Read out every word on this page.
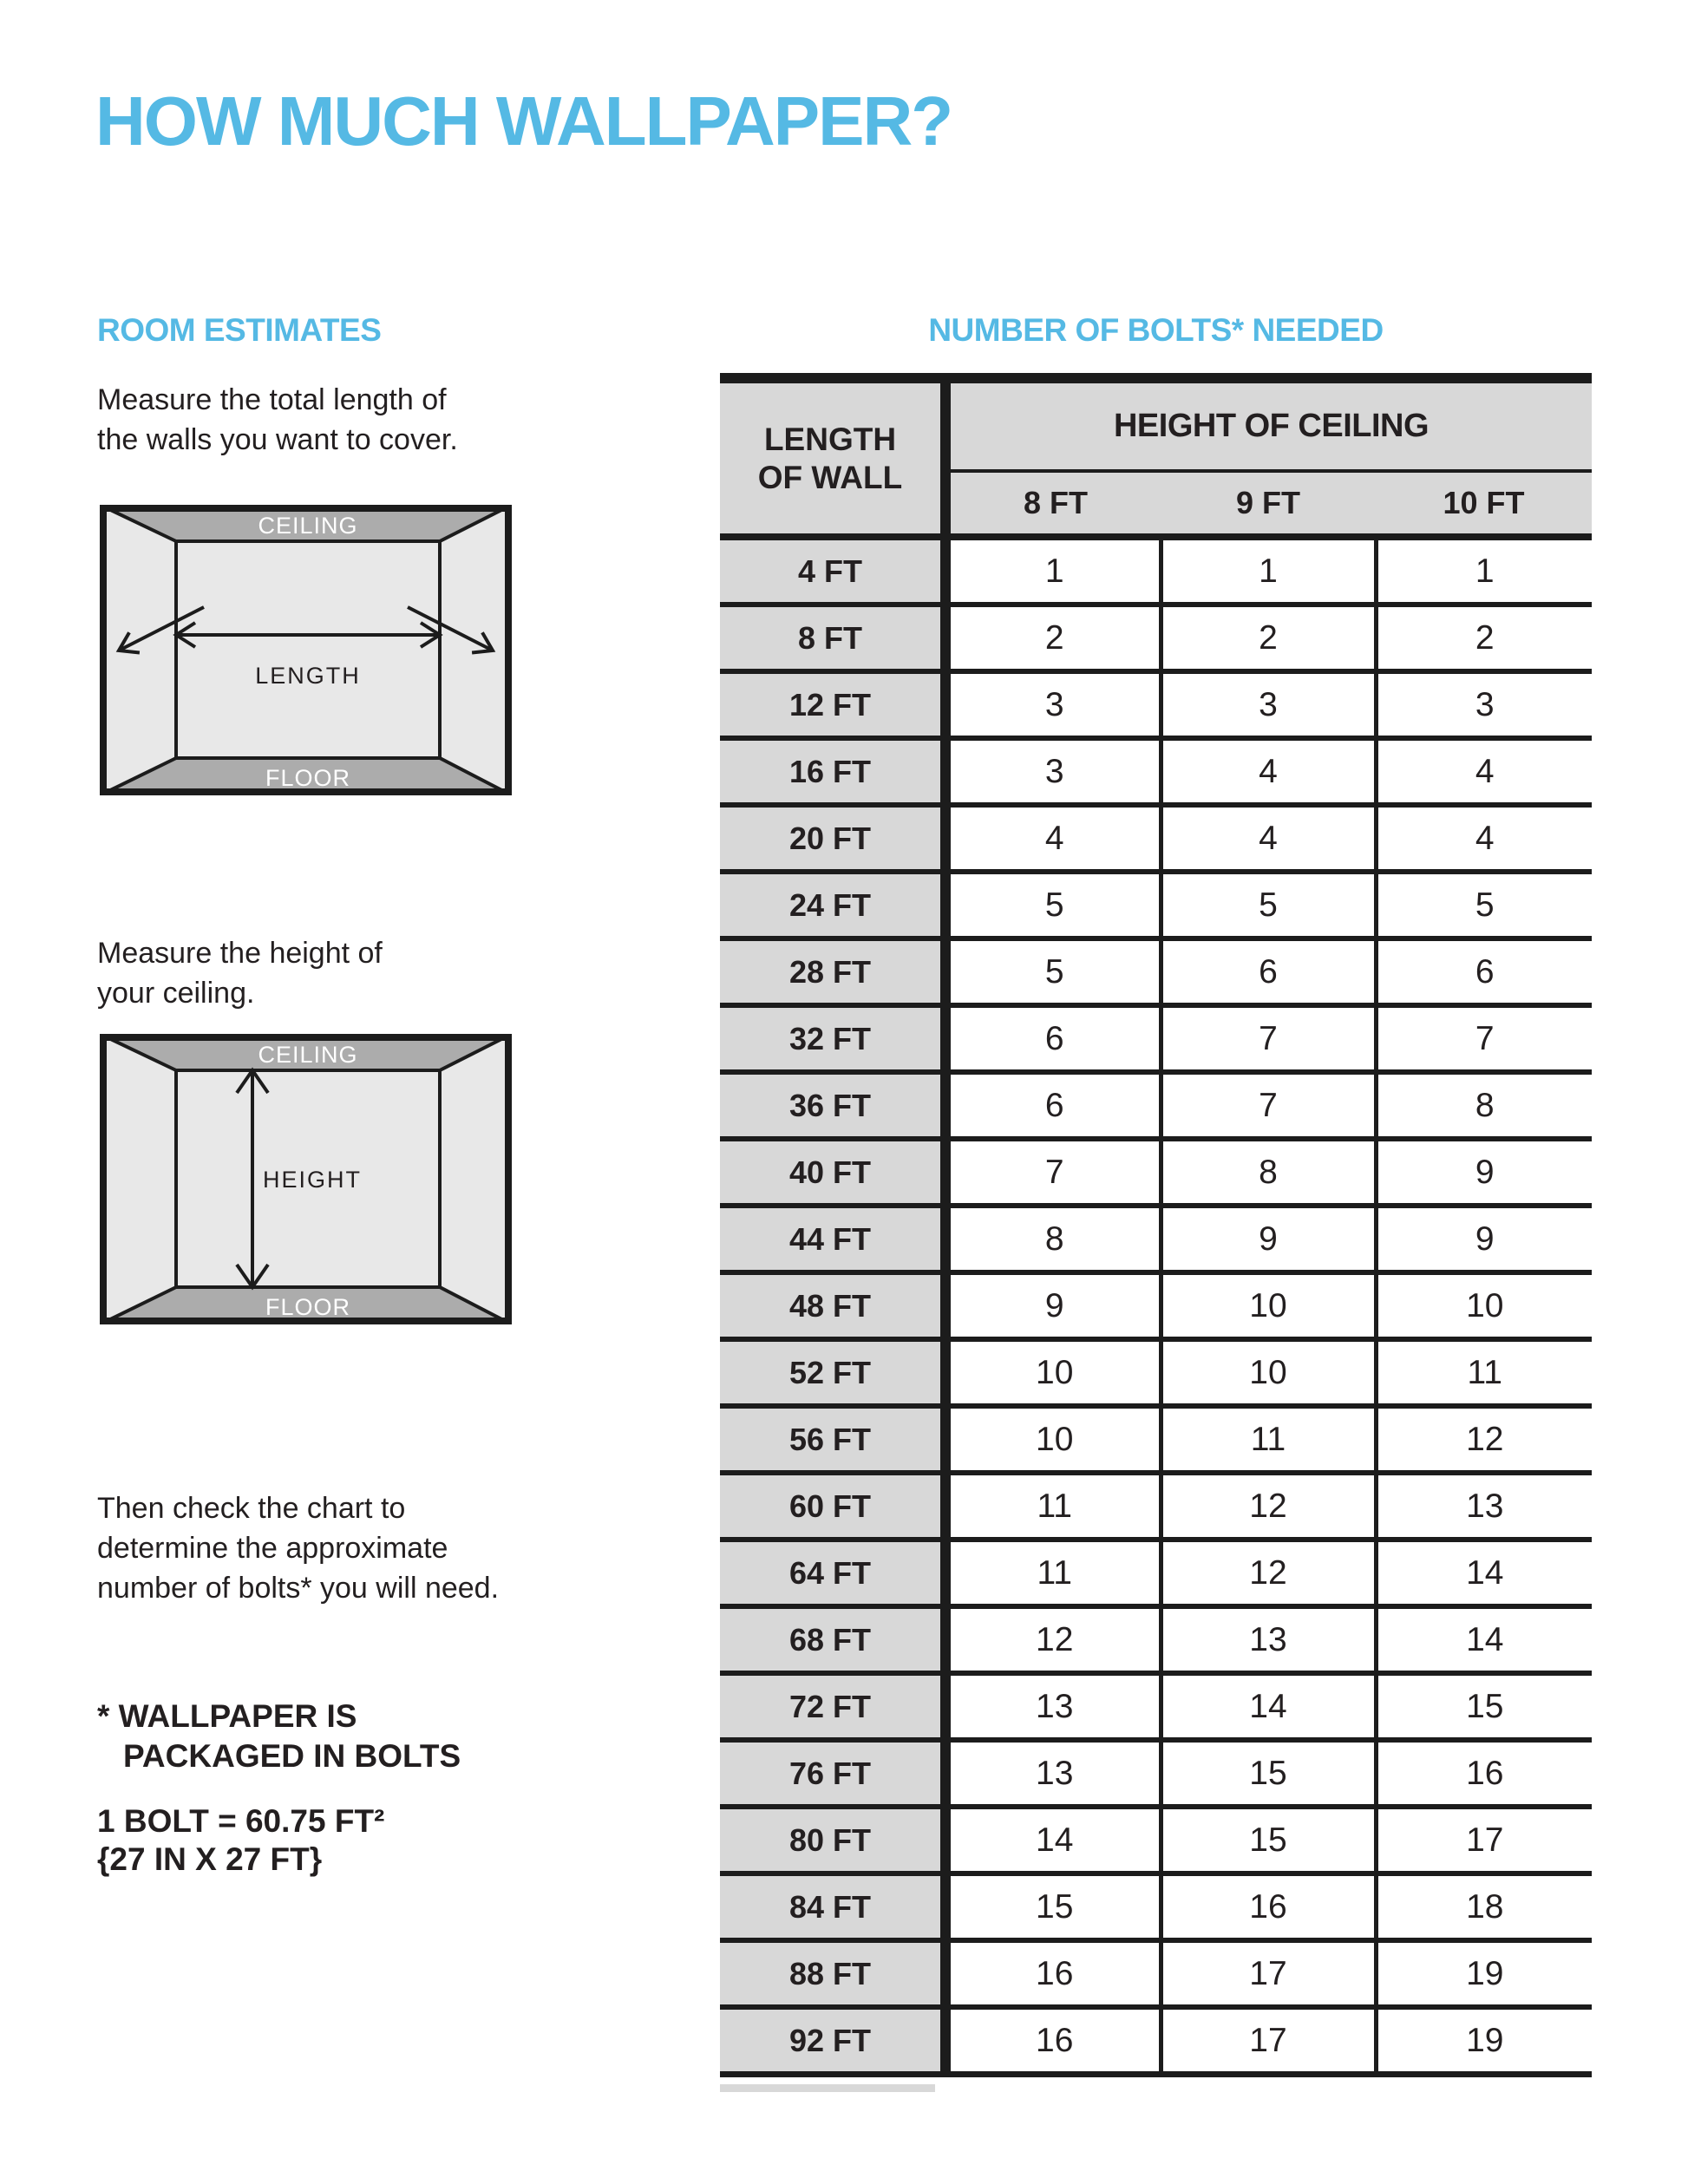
HOW MUCH WALLPAPER?
ROOM ESTIMATES	NUMBER OF BOLTS* NEEDED
Measure the total length of
the walls you want to cover.
CEILING
FLOOR
LENGTH
Measure the height of
your ceiling.
CEILING
FLOOR
HEIGHT
Then check the chart to
determine the approximate
number of bolts* you will need.
* WALLPAPER IS
PACKAGED IN BOLTS
1 BOLT = 60.75 FT²
{27 IN X 27 FT}
LENGTH
OF WALL	HEIGHT OF CEILING		
	8 FT	9 FT	10 FT
4 FT	1	1	1
8 FT	2	2	2
12 FT	3	3	3
16 FT	3	4	4
20 FT	4	4	4
24 FT	5	5	5
28 FT	5	6	6
32 FT	6	7	7
36 FT	6	7	8
40 FT	7	8	9
44 FT	8	9	9
48 FT	9	10	10
52 FT	10	10	11
56 FT	10	11	12
60 FT	11	12	13
64 FT	11	12	14
68 FT	12	13	14
72 FT	13	14	15
76 FT	13	15	16
80 FT	14	15	17
84 FT	15	16	18
88 FT	16	17	19
92 FT	16	17	19
